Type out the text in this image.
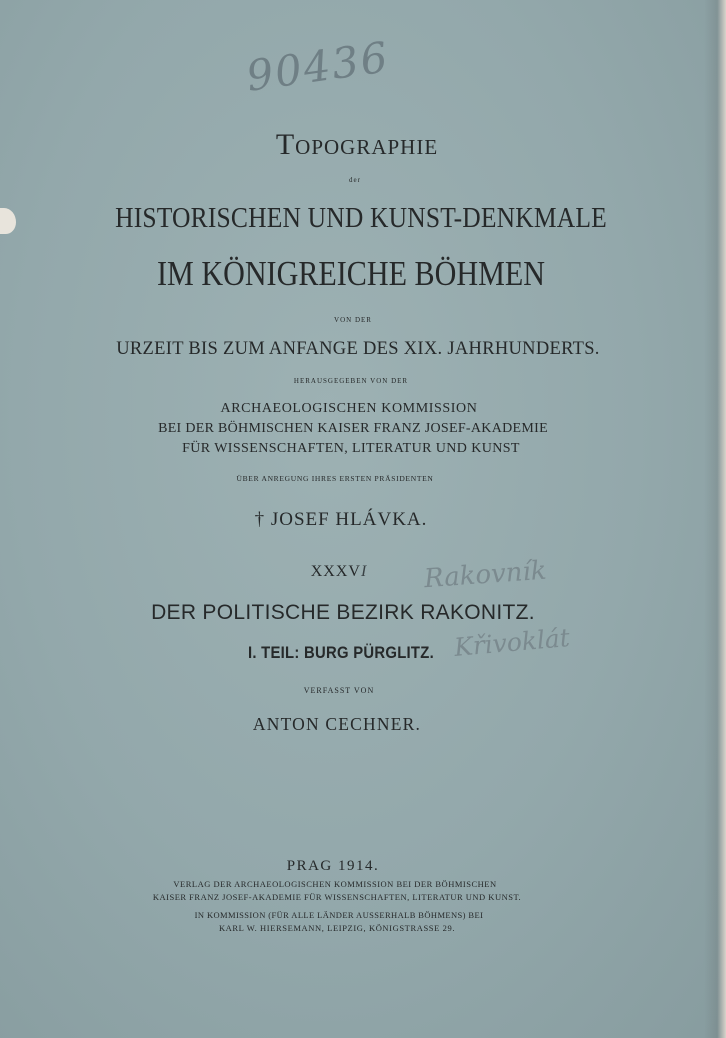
90436
Topographie
der
HISTORISCHEN UND KUNST-DENKMALE
IM KÖNIGREICHE BÖHMEN
VON DER
URZEIT BIS ZUM ANFANGE DES XIX. JAHRHUNDERTS.
HERAUSGEGEBEN VON DER
ARCHAEOLOGISCHEN KOMMISSION
BEI DER BÖHMISCHEN KAISER FRANZ JOSEF-AKADEMIE
FÜR WISSENSCHAFTEN, LITERATUR UND KUNST
ÜBER ANREGUNG IHRES ERSTEN PRÄSIDENTEN
† JOSEF HLÁVKA.
XXXVI	Rakovník
DER POLITISCHE BEZIRK RAKONITZ.
I. TEIL: BURG PÜRGLITZ. Křivoklát
VERFASST VON
ANTON CECHNER.
PRAG 1914.
VERLAG DER ARCHAEOLOGISCHEN KOMMISSION BEI DER BÖHMISCHEN
KAISER FRANZ JOSEF-AKADEMIE FÜR WISSENSCHAFTEN, LITERATUR UND KUNST.
IN KOMMISSION (FÜR ALLE LÄNDER AUSSERHALB BÖHMENS) BEI
KARL W. HIERSEMANN, LEIPZIG, KÖNIGSTRASSE 29.
